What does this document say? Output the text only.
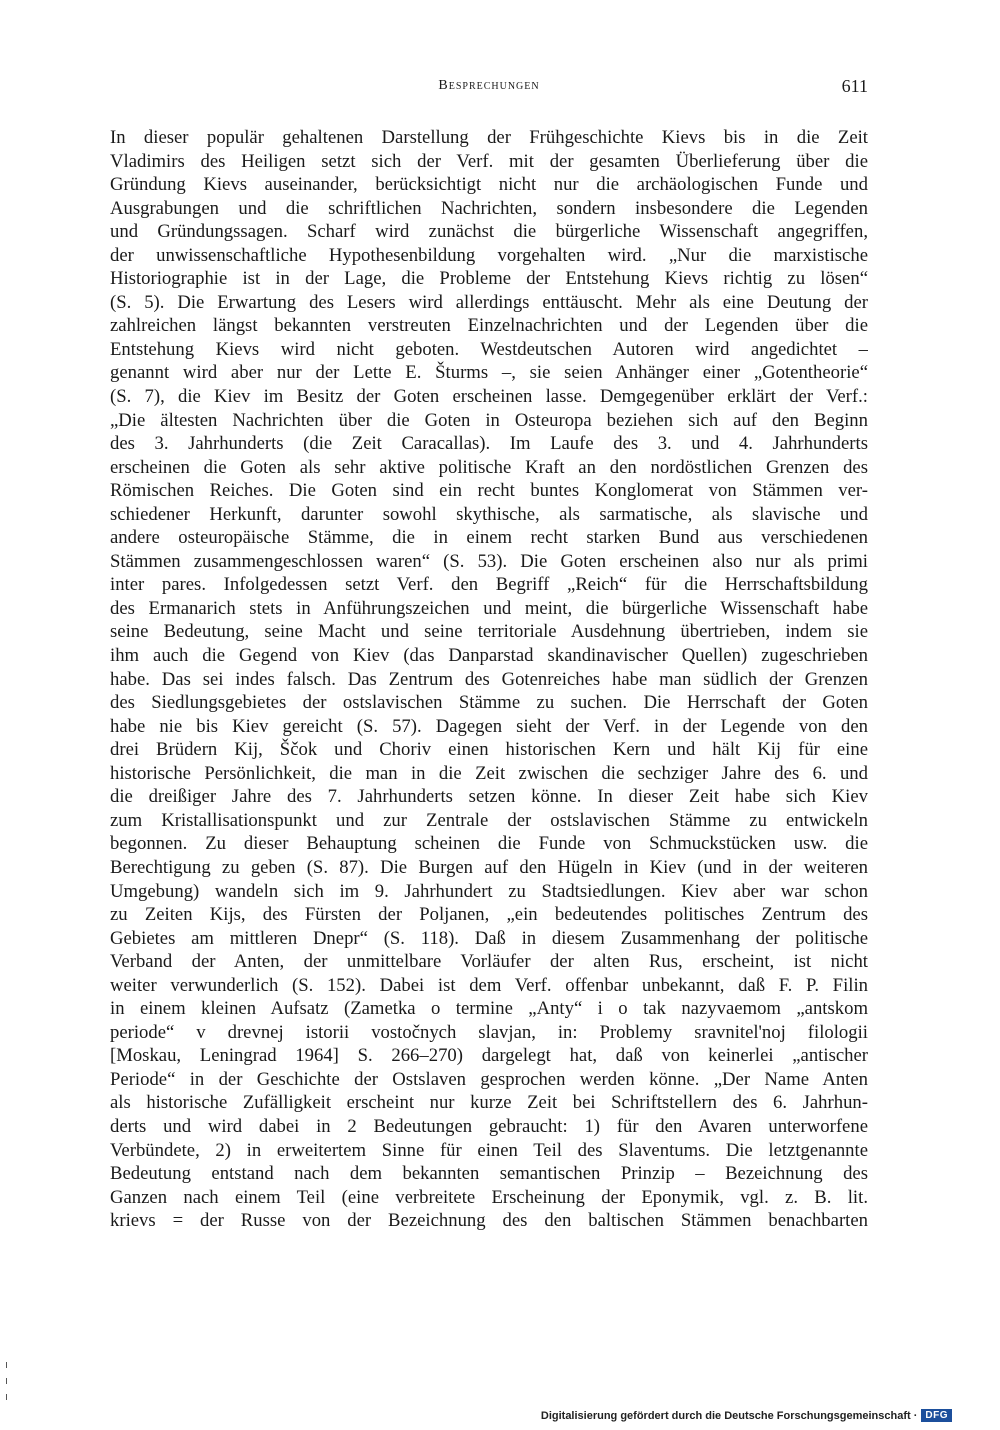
Besprechungen	611
In dieser populär gehaltenen Darstellung der Frühgeschichte Kievs bis in die Zeit
Vladimirs des Heiligen setzt sich der Verf. mit der gesamten Überlieferung über die
Gründung Kievs auseinander, berücksichtigt nicht nur die archäologischen Funde und
Ausgrabungen und die schriftlichen Nachrichten, sondern insbesondere die Legenden
und Gründungssagen. Scharf wird zunächst die bürgerliche Wissenschaft angegriffen,
der unwissenschaftliche Hypothesenbildung vorgehalten wird. „Nur die marxistische
Historiographie ist in der Lage, die Probleme der Entstehung Kievs richtig zu lösen“
(S. 5). Die Erwartung des Lesers wird allerdings enttäuscht. Mehr als eine Deutung der
zahlreichen längst bekannten verstreuten Einzelnachrichten und der Legenden über die
Entstehung Kievs wird nicht geboten. Westdeutschen Autoren wird angedichtet –
genannt wird aber nur der Lette E. Šturms –, sie seien Anhänger einer „Gotentheorie“
(S. 7), die Kiev im Besitz der Goten erscheinen lasse. Demgegenüber erklärt der Verf.:
„Die ältesten Nachrichten über die Goten in Osteuropa beziehen sich auf den Beginn
des 3. Jahrhunderts (die Zeit Caracallas). Im Laufe des 3. und 4. Jahrhunderts
erscheinen die Goten als sehr aktive politische Kraft an den nordöstlichen Grenzen des
Römischen Reiches. Die Goten sind ein recht buntes Konglomerat von Stämmen ver-
schiedener Herkunft, darunter sowohl skythische, als sarmatische, als slavische und
andere osteuropäische Stämme, die in einem recht starken Bund aus verschiedenen
Stämmen zusammengeschlossen waren“ (S. 53). Die Goten erscheinen also nur als primi
inter pares. Infolgedessen setzt Verf. den Begriff „Reich“ für die Herrschaftsbildung
des Ermanarich stets in Anführungszeichen und meint, die bürgerliche Wissenschaft habe
seine Bedeutung, seine Macht und seine territoriale Ausdehnung übertrieben, indem sie
ihm auch die Gegend von Kiev (das Danparstad skandinavischer Quellen) zugeschrieben
habe. Das sei indes falsch. Das Zentrum des Gotenreiches habe man südlich der Grenzen
des Siedlungsgebietes der ostslavischen Stämme zu suchen. Die Herrschaft der Goten
habe nie bis Kiev gereicht (S. 57). Dagegen sieht der Verf. in der Legende von den
drei Brüdern Kij, Ščok und Choriv einen historischen Kern und hält Kij für eine
historische Persönlichkeit, die man in die Zeit zwischen die sechziger Jahre des 6. und
die dreißiger Jahre des 7. Jahrhunderts setzen könne. In dieser Zeit habe sich Kiev
zum Kristallisationspunkt und zur Zentrale der ostslavischen Stämme zu entwickeln
begonnen. Zu dieser Behauptung scheinen die Funde von Schmuckstücken usw. die
Berechtigung zu geben (S. 87). Die Burgen auf den Hügeln in Kiev (und in der weiteren
Umgebung) wandeln sich im 9. Jahrhundert zu Stadtsiedlungen. Kiev aber war schon
zu Zeiten Kijs, des Fürsten der Poljanen, „ein bedeutendes politisches Zentrum des
Gebietes am mittleren Dnepr“ (S. 118). Daß in diesem Zusammenhang der politische
Verband der Anten, der unmittelbare Vorläufer der alten Rus, erscheint, ist nicht
weiter verwunderlich (S. 152). Dabei ist dem Verf. offenbar unbekannt, daß F. P. Filin
in einem kleinen Aufsatz (Zametka o termine „Anty“ i o tak nazyvaemom „antskom
periode“ v drevnej istorii vostočnych slavjan, in: Problemy sravnitel'noj filologii
[Moskau, Leningrad 1964] S. 266–270) dargelegt hat, daß von keinerlei „antischer
Periode“ in der Geschichte der Ostslaven gesprochen werden könne. „Der Name Anten
als historische Zufälligkeit erscheint nur kurze Zeit bei Schriftstellern des 6. Jahrhun-
derts und wird dabei in 2 Bedeutungen gebraucht: 1) für den Avaren unterworfene
Verbündete, 2) in erweitertem Sinne für einen Teil des Slaventums. Die letztgenannte
Bedeutung entstand nach dem bekannten semantischen Prinzip – Bezeichnung des
Ganzen nach einem Teil (eine verbreitete Erscheinung der Eponymik, vgl. z. B. lit.
krievs = der Russe von der Bezeichnung des den baltischen Stämmen benachbarten
Digitalisierung gefördert durch die Deutsche Forschungsgemeinschaft · DFG
